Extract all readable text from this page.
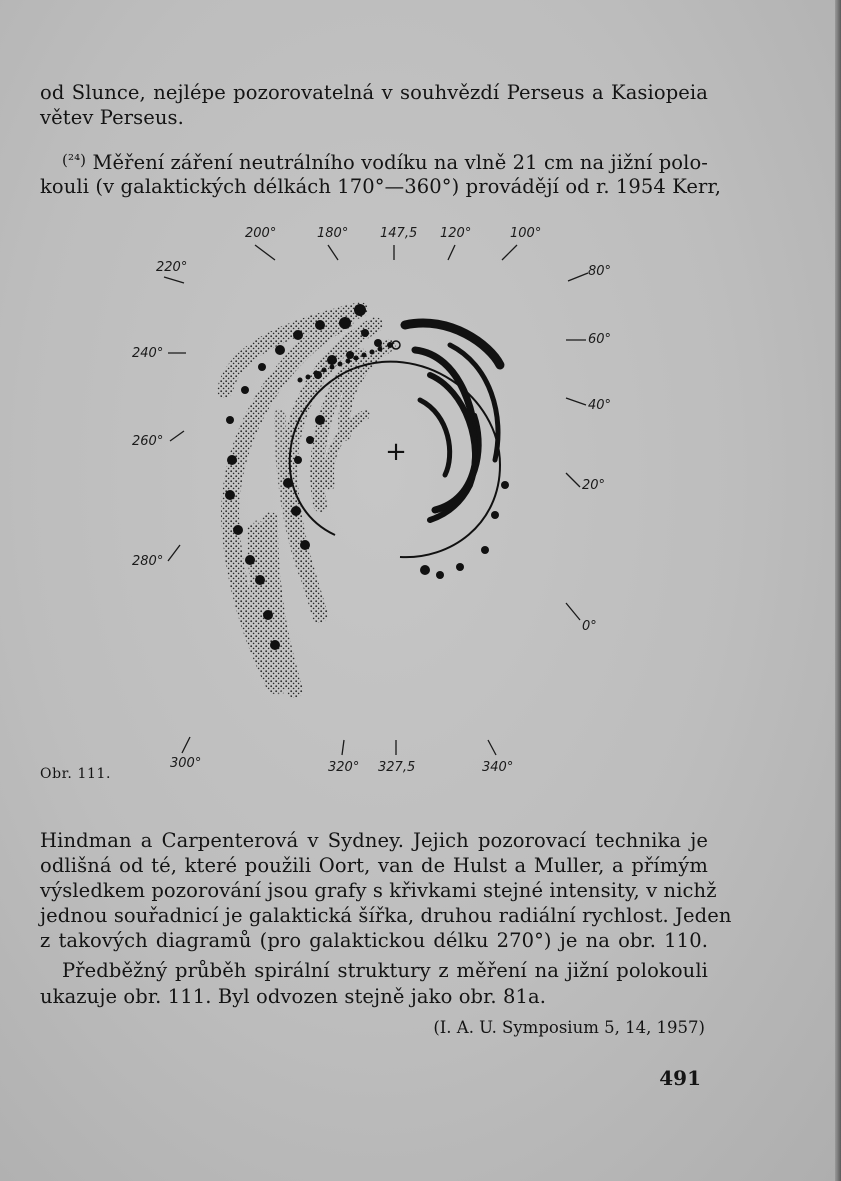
od Slunce, nejlépe pozorovatelná v souhvězdí Perseus a Kasiopeia
větev Perseus.
$^{(^{24})}$ Měření záření neutrálního vodíku na vlně 21 cm na jižní polo-
kouli (v galaktických délkách 170°—360°) provádějí od r. 1954 Kerr,
+
200°	180° 147,5 120°	100°
80°
60°
40°
20°
0°
220°
240°
260°
280°
300°	320° 327,5	340°
Obr. 111.
Hindman a Carpenterová v Sydney. Jejich pozorovací technika je
odlišná od té, které použili Oort, van de Hulst a Muller, a přímým
výsledkem pozorování jsou grafy s křivkami stejné intensity, v nichž
jednou souřadnicí je galaktická šířka, druhou radiální rychlost. Jeden
z takových diagramů (pro galaktickou délku 270°) je na obr. 110.
Předběžný průběh spirální struktury z měření na jižní polokouli
ukazuje obr. 111. Byl odvozen stejně jako obr. 81a.
(I. A. U. Symposium 5, 14, 1957)
491
